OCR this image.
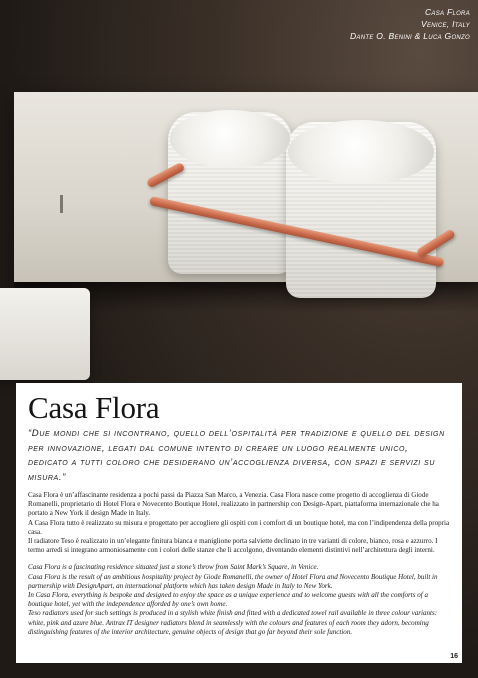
Casa Flora
Venice, Italy
Dante O. Benini & Luca Gonzo
Casa Flora
“Due mondi che si incontrano, quello dell’ospitalità per tradizione e quello del design per innovazione, legati dal comune intento di creare un luogo realmente unico, dedicato a tutti coloro che desiderano un’accoglienza diversa, con spazi e servizi su misura.”

Casa Flora è un’affascinante residenza a pochi passi da Piazza San Marco, a Venezia. Casa Flora nasce come progetto di accoglienza di Giode Romanelli, proprietario di Hotel Flora e Novecento Boutique Hotel, realizzato in partnership con Design-Apart, piattaforma internazionale che ha portato a New York il design Made in Italy.

A Casa Flora tutto è realizzato su misura e progettato per accogliere gli ospiti con i comfort di un boutique hotel, ma con l’indipendenza della propria casa.

Il radiatore Teso è realizzato in un’elegante finitura bianca e maniglione porta salviette declinato in tre varianti di colore, bianco, rosa e azzurro. I termo arredi si integrano armoniosamente con i colori delle stanze che li accolgono, diventando elementi distintivi nell’architettura degli interni.

Casa Flora is a fascinating residence situated just a stone’s throw from Saint Mark’s Square, in Venice.

Casa Flora is the result of an ambitious hospitality project by Giode Romanelli, the owner of Hotel Flora and Novecento Boutique Hotel, built in partnership with DesignApart, an international platform which has taken design Made in Italy to New York.

In Casa Flora, everything is bespoke and designed to enjoy the space as a unique experience and to welcome guests with all the comforts of a boutique hotel, yet with the independence afforded by one’s own home.

Teso radiators used for such settings is produced in a stylish white finish and fitted with a dedicated towel rail available in three colour variants: white, pink and azure blue. Antrax IT designer radiators blend in seamlessly with the colours and features of each room they adorn, becoming distinguishing features of the interior architecture, genuine objects of design that go far beyond their sole function.

16
